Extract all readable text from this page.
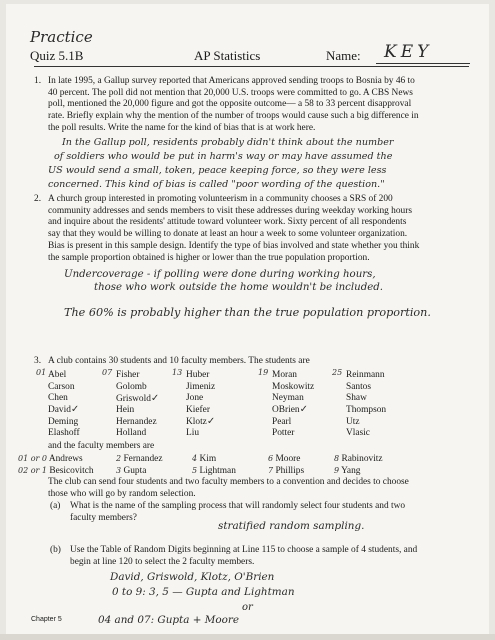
Practice
Quiz 5.1B	AP Statistics	Name: KEY
1. In late 1995, a Gallup survey reported that Americans approved sending troops to Bosnia by 46 to
40 percent. The poll did not mention that 20,000 U.S. troops were committed to go. A CBS News
poll, mentioned the 20,000 figure and got the opposite outcome— a 58 to 33 percent disapproval
rate. Briefly explain why the mention of the number of troops would cause such a big difference in
the poll results. Write the name for the kind of bias that is at work here.
In the Gallup poll, residents probably didn't think about the number
of soldiers who would be put in harm's way or may have assumed the
US would send a small, token, peace keeping force, so they were less
concerned. This kind of bias is called "poor wording of the question."
2. A church group interested in promoting volunteerism in a community chooses a SRS of 200
community addresses and sends members to visit these addresses during weekday working hours
and inquire about the residents' attitude toward volunteer work. Sixty percent of all respondents
say that they would be willing to donate at least an hour a week to some volunteer organization.
Bias is present in this sample design. Identify the type of bias involved and state whether you think
the sample proportion obtained is higher or lower than the true population proportion.
Undercoverage - if polling were done during working hours,
those who work outside the home wouldn't be included.
The 60% is probably higher than the true population proportion.
3. A club contains 30 students and 10 faculty members. The students are
01	07	13	19	25
Abel	Fisher	Huber	Moran	Reinmann
Carson	Golomb	Jimeniz	Moskowitz	Santos
Chen	Griswold✓	Jone	Neyman	Shaw
David✓	Hein	Kiefer	OBrien✓	Thompson
Deming	Hernandez	Klotz✓	Pearl	Utz
Elashoff	Holland	Liu	Potter	Vlasic
and the faculty members are
01 or 0 Andrews	2 Fernandez	4 Kim	6 Moore	8 Rabinovitz
02 or 1 Besicovitch	3 Gupta	5 Lightman	7 Phillips	9 Yang
The club can send four students and two faculty members to a convention and decides to choose
those who will go by random selection.
(a) What is the name of the sampling process that will randomly select four students and two
faculty members?
stratified random sampling.
(b) Use the Table of Random Digits beginning at Line 115 to choose a sample of 4 students, and
begin at line 120 to select the 2 faculty members.
David, Griswold, Klotz, O'Brien
0 to 9: 3, 5 — Gupta and Lightman
or
04 and 07: Gupta + Moore
Chapter 5
